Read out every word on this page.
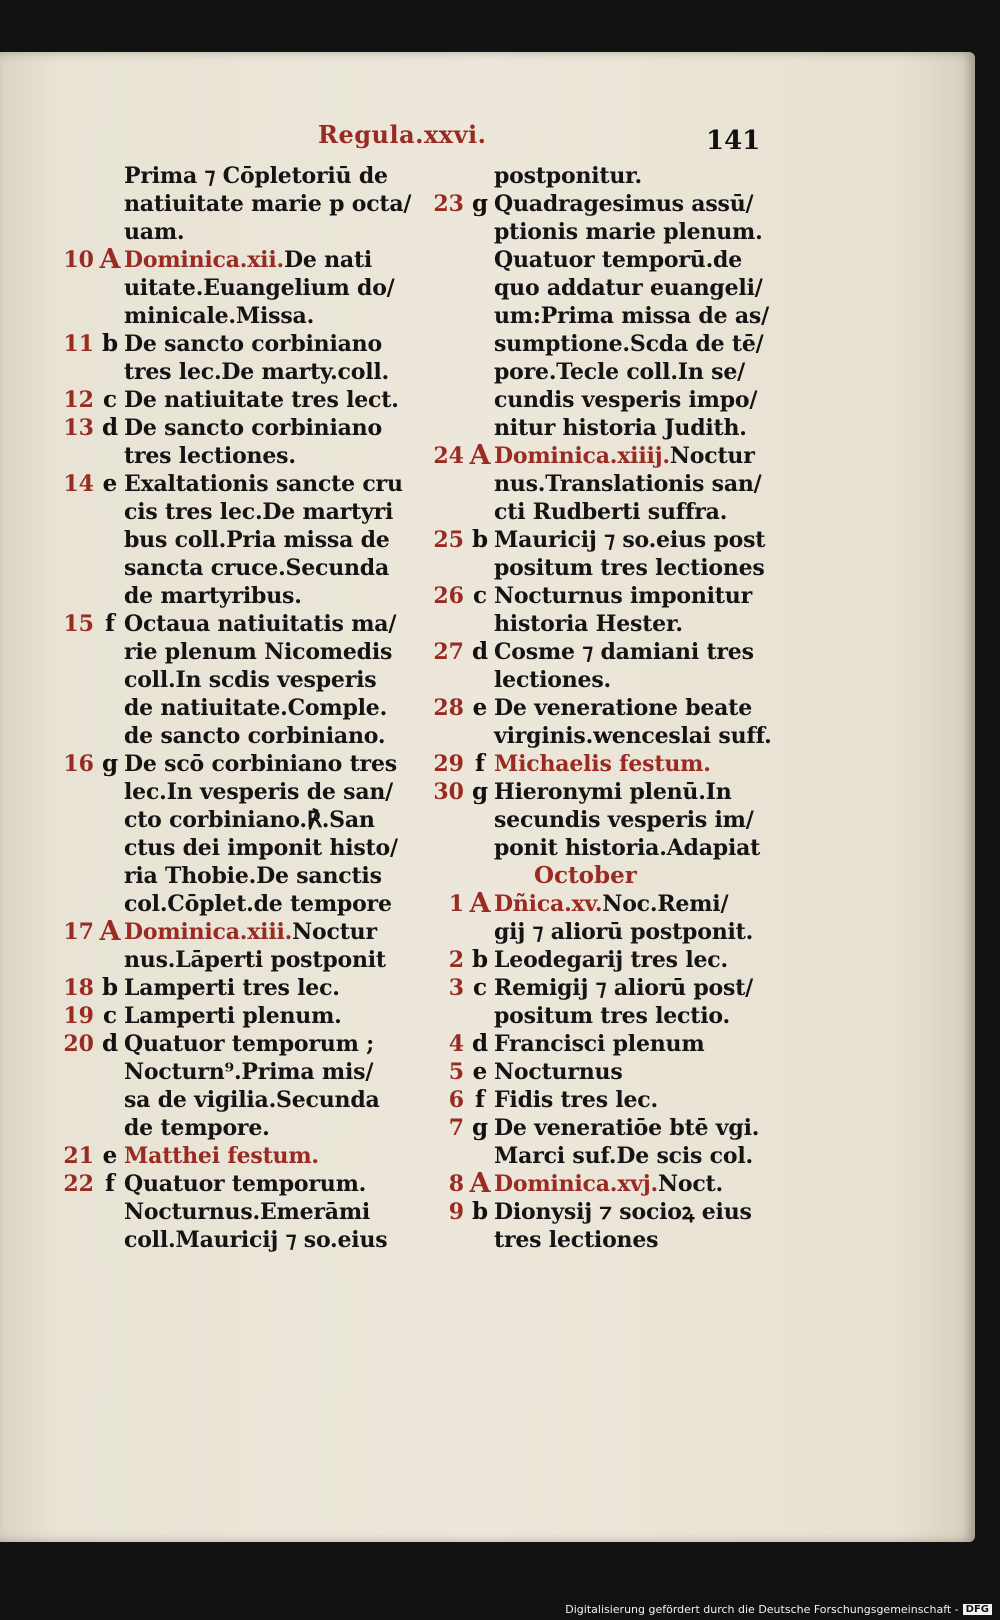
Regula.xxvi.	141
Prima ⁊ Cōpletoriū de
natiuitate marie p octa/
uam.
10 A Dominica.xii.De nati
uitate.Euangelium do/
minicale.Missa.
11 b De sancto corbiniano
tres lec.De marty.coll.
12 c De natiuitate tres lect.
13 d De sancto corbiniano
tres lectiones.
14 e Exaltationis sancte cru
cis tres lec.De martyri
bus coll.Pria missa de
sancta cruce.Secunda
de martyribus.
15 f Octaua natiuitatis ma/
rie plenum Nicomedis
coll.In scdis vesperis
de natiuitate.Comple.
de sancto corbiniano.
16 g De scō corbiniano tres
lec.In vesperis de san/
cto corbiniano.℟.San
ctus dei imponit histo/
ria Thobie.De sanctis
col.Cōplet.de tempore
17 A Dominica.xiii.Noctur
nus.Lāperti postponit
18 b Lamperti tres lec.
19 c Lamperti plenum.
20 d Quatuor temporum ;
Nocturn⁹.Prima mis/
sa de vigilia.Secunda
de tempore.
21 e Matthei festum.
22 f Quatuor temporum.
Nocturnus.Emerāmi
coll.Mauricij ⁊ so.eius
postponitur.
23 g Quadragesimus assū/
ptionis marie plenum.
Quatuor temporū.de
quo addatur euangeli/
um:Prima missa de as/
sumptione.Scda de tē/
pore.Tecle coll.In se/
cundis vesperis impo/
nitur historia Judith.
24 A Dominica.xiiij.Noctur
nus.Translationis san/
cti Rudberti suffra.
25 b Mauricij ⁊ so.eius post
positum tres lectiones
26 c Nocturnus imponitur
historia Hester.
27 d Cosme ⁊ damiani tres
lectiones.
28 e De veneratione beate
virginis.wenceslai suff.
29 f Michaelis festum.
30 g Hieronymi plenū.In
secundis vesperis im/
ponit historia.Adapiat
October
1 A Dñica.xv.Noc.Remi/
gij ⁊ aliorū postponit.
2 b Leodegarij tres lec.
3 c Remigij ⁊ aliorū post/
positum tres lectio.
4 d Francisci plenum
5 e Nocturnus
6 f Fidis tres lec.
7 g De veneratiōe btē vgi.
Marci suf.De scis col.
8 A Dominica.xvj.Noct.
9 b Dionysij ⁊ socioꝝ eius
tres lectiones
Digitalisierung gefördert durch die Deutsche Forschungsgemeinschaft - DFG
